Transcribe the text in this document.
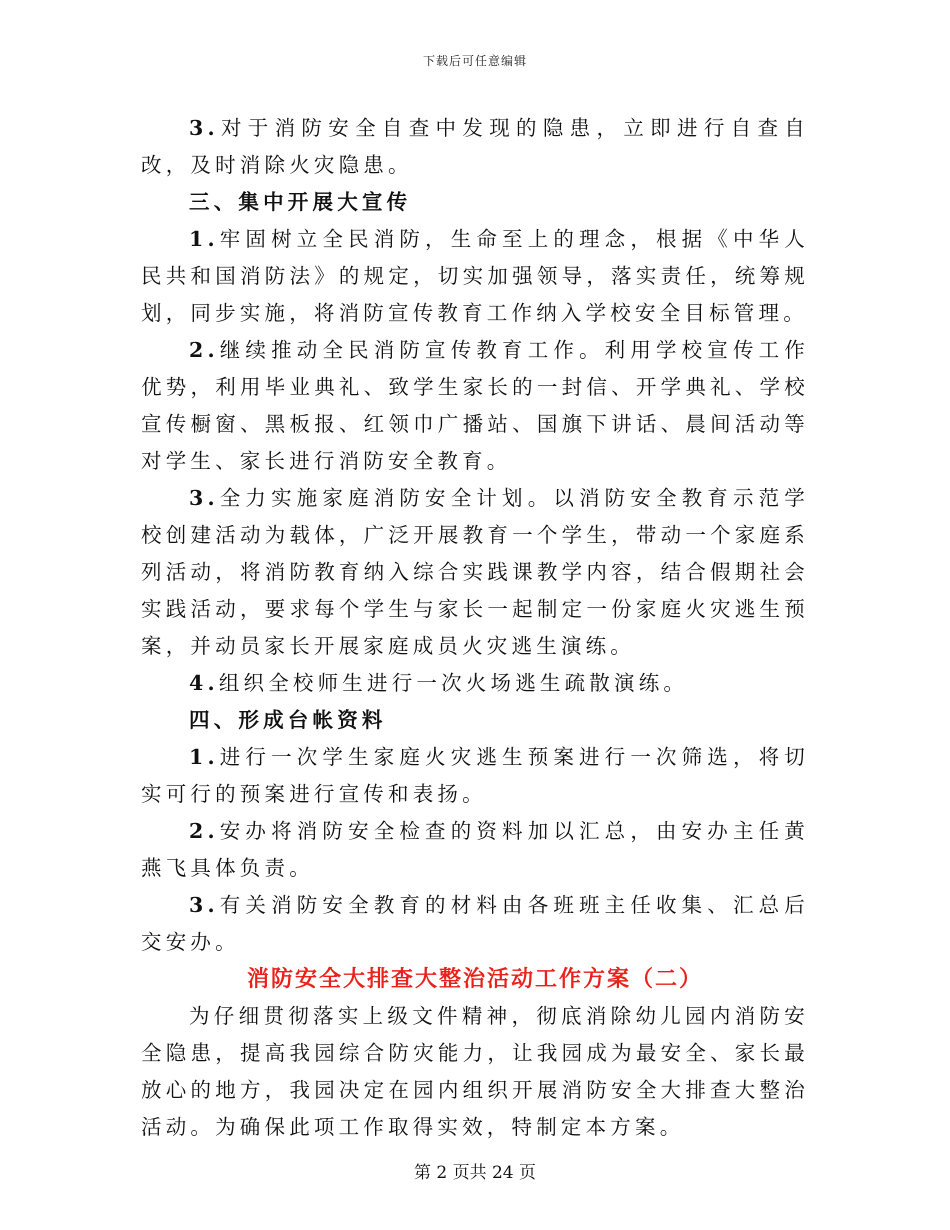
下载后可任意编辑

3.对于消防安全自查中发现的隐患，立即进行自查自改，及时消除火灾隐患。

三、集中开展大宣传

1.牢固树立全民消防，生命至上的理念，根据《中华人民共和国消防法》的规定，切实加强领导，落实责任，统筹规划，同步实施，将消防宣传教育工作纳入学校安全目标管理。

2.继续推动全民消防宣传教育工作。利用学校宣传工作优势，利用毕业典礼、致学生家长的一封信、开学典礼、学校宣传橱窗、黑板报、红领巾广播站、国旗下讲话、晨间活动等对学生、家长进行消防安全教育。

3.全力实施家庭消防安全计划。以消防安全教育示范学校创建活动为载体，广泛开展教育一个学生，带动一个家庭系列活动，将消防教育纳入综合实践课教学内容，结合假期社会实践活动，要求每个学生与家长一起制定一份家庭火灾逃生预案，并动员家长开展家庭成员火灾逃生演练。

4.组织全校师生进行一次火场逃生疏散演练。

四、形成台帐资料

1.进行一次学生家庭火灾逃生预案进行一次筛选，将切实可行的预案进行宣传和表扬。

2.安办将消防安全检查的资料加以汇总，由安办主任黄燕飞具体负责。

3.有关消防安全教育的材料由各班班主任收集、汇总后交安办。

消防安全大排查大整治活动工作方案（二）

为仔细贯彻落实上级文件精神，彻底消除幼儿园内消防安全隐患，提高我园综合防灾能力，让我园成为最安全、家长最放心的地方，我园决定在园内组织开展消防安全大排查大整治活动。为确保此项工作取得实效，特制定本方案。

第 2 页共 24 页
